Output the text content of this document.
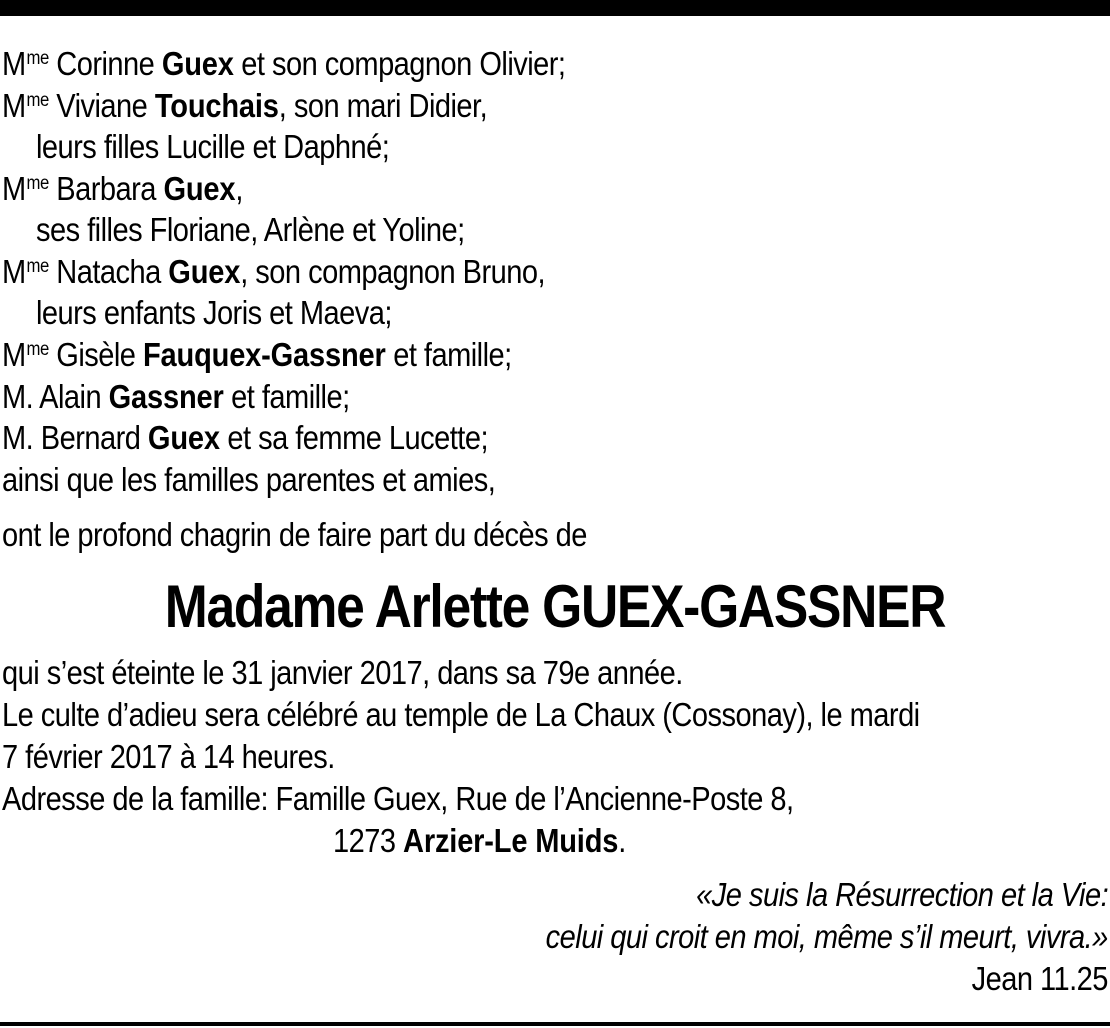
$M^{me}$ Corinne Guex et son compagnon Olivier;
$M^{me}$ Viviane Touchais, son mari Didier,
leurs filles Lucille et Daphné;
$M^{me}$ Barbara Guex,
ses filles Floriane, Arlène et Yoline;
$M^{me}$ Natacha Guex, son compagnon Bruno,
leurs enfants Joris et Maeva;
$M^{me}$ Gisèle Fauquex-Gassner et famille;
M. Alain Gassner et famille;
M. Bernard Guex et sa femme Lucette;
ainsi que les familles parentes et amies,
ont le profond chagrin de faire part du décès de
Madame Arlette GUEX-GASSNER
qui s’est éteinte le 31 janvier 2017, dans sa 79e année.
Le culte d’adieu sera célébré au temple de La Chaux (Cossonay), le mardi
7 février 2017 à 14 heures.
Adresse de la famille: Famille Guex, Rue de l’Ancienne-Poste 8,
1273 Arzier-Le Muids.
«Je suis la Résurrection et la Vie:
celui qui croit en moi, même s’il meurt, vivra.»
Jean 11.25
